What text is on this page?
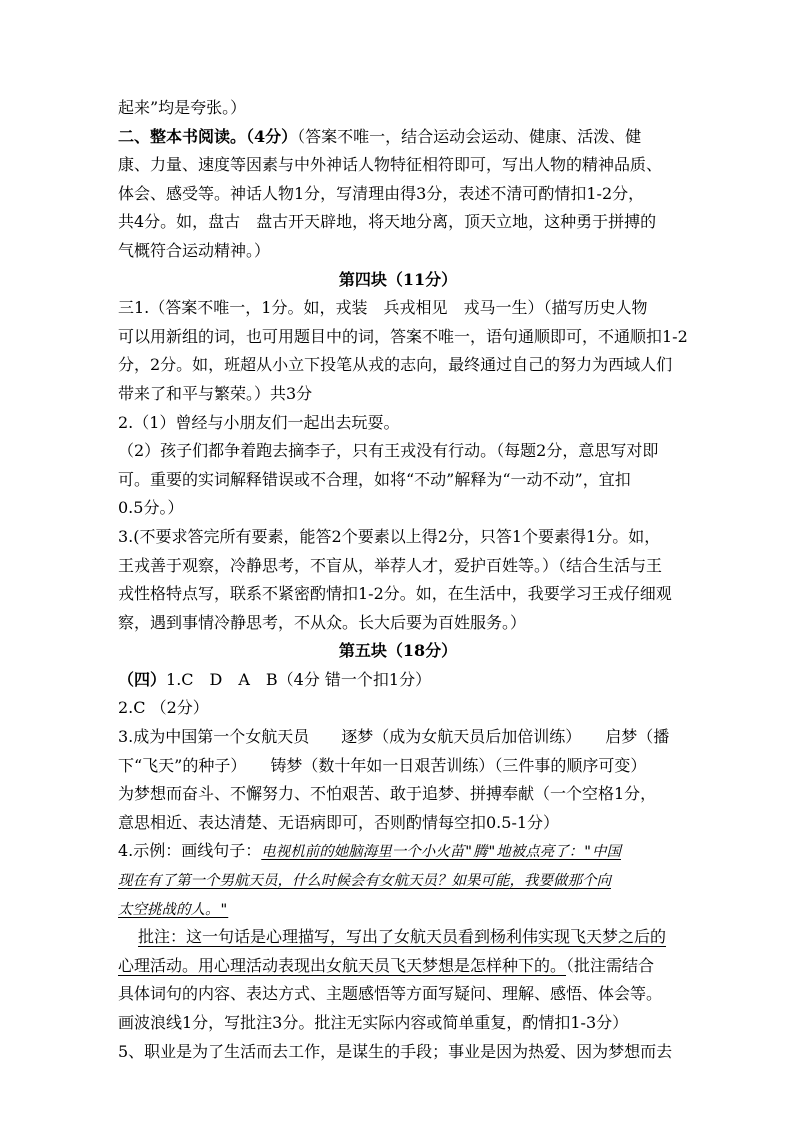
起来”均是夸张。）
二、整本书阅读。（4分）（答案不唯一，结合运动会运动、健康、活泼、健
康、力量、速度等因素与中外神话人物特征相符即可，写出人物的精神品质、
体会、感受等。神话人物1分，写清理由得3分，表述不清可酌情扣1-2分，
共4分。如，盘古　盘古开天辟地，将天地分离，顶天立地，这种勇于拼搏的
气概符合运动精神。）
第四块（11分）
三1.（答案不唯一，1分。如，戎装　兵戎相见　戎马一生）（描写历史人物
可以用新组的词，也可用题目中的词，答案不唯一，语句通顺即可，不通顺扣1-2
分，2分。如，班超从小立下投笔从戎的志向，最终通过自己的努力为西域人们
带来了和平与繁荣。）共3分
2.（1）曾经与小朋友们一起出去玩耍。
（2）孩子们都争着跑去摘李子，只有王戎没有行动。（每题2分，意思写对即
可。重要的实词解释错误或不合理，如将“不动”解释为“一动不动”，宜扣
0.5分。）
3.(不要求答完所有要素，能答2个要素以上得2分，只答1个要素得1分。如，
王戎善于观察，冷静思考，不盲从，举荐人才，爱护百姓等。）（结合生活与王
戎性格特点写，联系不紧密酌情扣1-2分。如，在生活中，我要学习王戎仔细观
察，遇到事情冷静思考，不从众。长大后要为百姓服务。）
第五块（18分）
（四）1.C　D　A　B（4分 错一个扣1分）
2.C （2分）
3.成为中国第一个女航天员　　逐梦（成为女航天员后加倍训练）　　启梦（播
下“飞天”的种子）　　铸梦（数十年如一日艰苦训练）（三件事的顺序可变）
为梦想而奋斗、不懈努力、不怕艰苦、敢于追梦、拼搏奉献（一个空格1分，
意思相近、表达清楚、无语病即可，否则酌情每空扣0.5-1分）
4.示例：画线句子：电视机前的她脑海里一个小火苗"腾"地被点亮了："中国
现在有了第一个男航天员，什么时候会有女航天员？如果可能，我要做那个向
太空挑战的人。"
批注：这一句话是心理描写，写出了女航天员看到杨利伟实现飞天梦之后的
心理活动。用心理活动表现出女航天员飞天梦想是怎样种下的。（批注需结合
具体词句的内容、表达方式、主题感悟等方面写疑问、理解、感悟、体会等。
画波浪线1分，写批注3分。批注无实际内容或简单重复，酌情扣1-3分）
5、职业是为了生活而去工作，是谋生的手段；事业是因为热爱、因为梦想而去
